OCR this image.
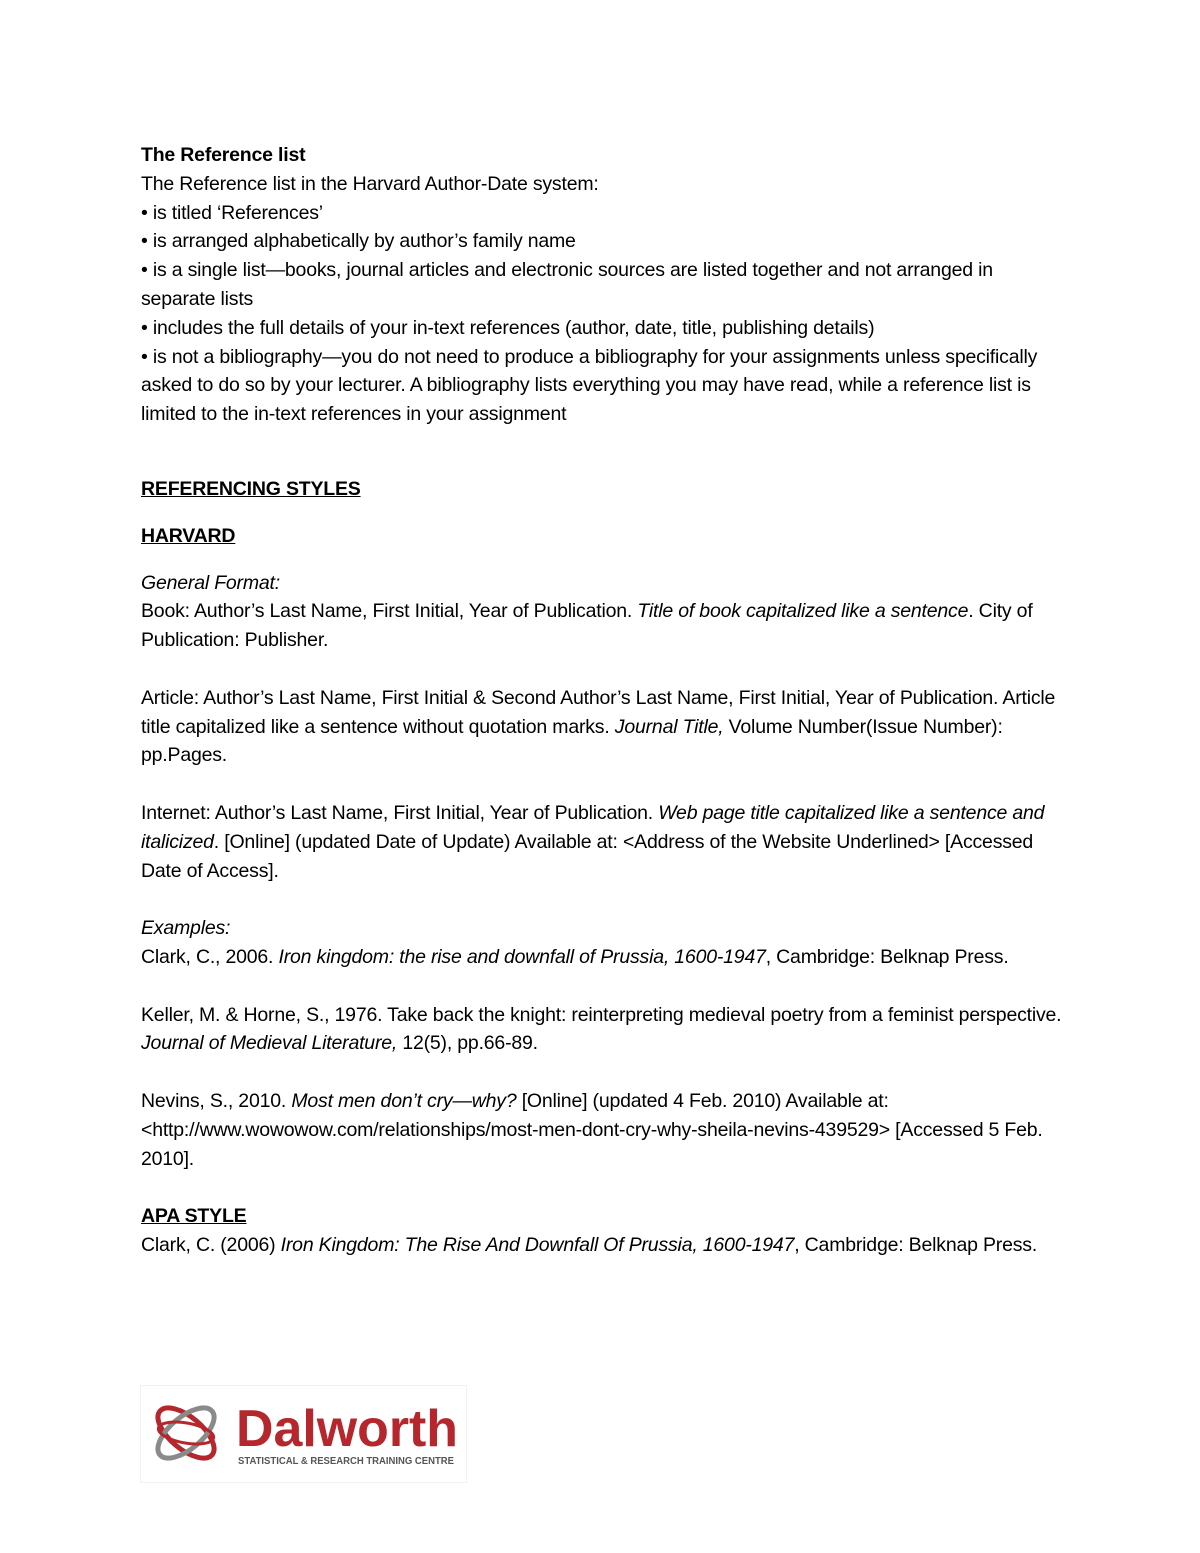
The Reference list

The Reference list in the Harvard Author-Date system:

• is titled ‘References’

• is arranged alphabetically by author’s family name

• is a single list—books, journal articles and electronic sources are listed together and not arranged in separate lists

• includes the full details of your in-text references (author, date, title, publishing details)

• is not a bibliography—you do not need to produce a bibliography for your assignments unless specifically asked to do so by your lecturer. A bibliography lists everything you may have read, while a reference list is limited to the in-text references in your assignment

REFERENCING STYLES

HARVARD

General Format:

Book: Author’s Last Name, First Initial, Year of Publication. Title of book capitalized like a sentence. City of Publication: Publisher.

Article: Author’s Last Name, First Initial & Second Author’s Last Name, First Initial, Year of Publication. Article title capitalized like a sentence without quotation marks. Journal Title, Volume Number(Issue Number): pp.Pages.

Internet: Author’s Last Name, First Initial, Year of Publication. Web page title capitalized like a sentence and italicized. [Online] (updated Date of Update) Available at: <Address of the Website Underlined> [Accessed Date of Access].

Examples:

Clark, C., 2006. Iron kingdom: the rise and downfall of Prussia, 1600-1947, Cambridge: Belknap Press.

Keller, M. & Horne, S., 1976. Take back the knight: reinterpreting medieval poetry from a feminist perspective. Journal of Medieval Literature, 12(5), pp.66-89.

Nevins, S., 2010. Most men don’t cry—why? [Online] (updated 4 Feb. 2010) Available at: <http://www.wowowow.com/relationships/most-men-dont-cry-why-sheila-nevins-439529> [Accessed 5 Feb. 2010].

APA STYLE

Clark, C. (2006) Iron Kingdom: The Rise And Downfall Of Prussia, 1600-1947, Cambridge: Belknap Press.

Dalworth
STATISTICAL & RESEARCH TRAINING CENTRE
